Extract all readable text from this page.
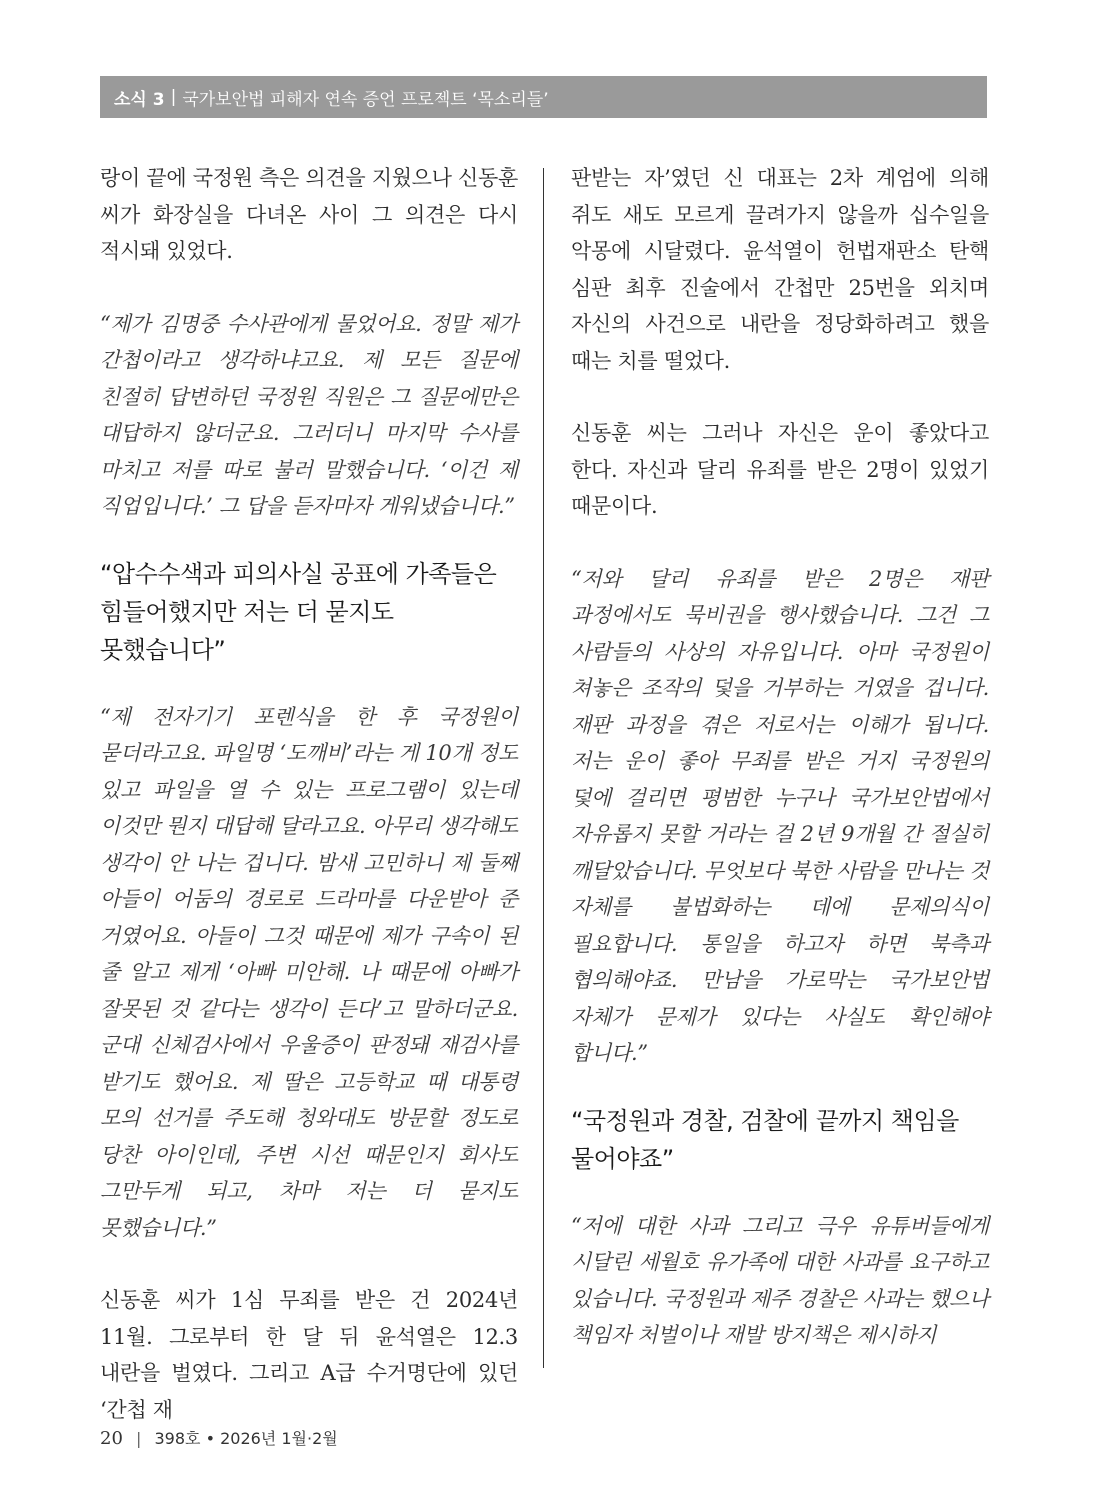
소식 3 | 국가보안법 피해자 연속 증언 프로젝트 ‘목소리들’

랑이 끝에 국정원 측은 의견을 지웠으나 신동훈 씨가 화장실을 다녀온 사이 그 의견은 다시 적시돼 있었다.

“제가 김명중 수사관에게 물었어요. 정말 제가 간첩이라고 생각하냐고요. 제 모든 질문에 친절히 답변하던 국정원 직원은 그 질문에만은 대답하지 않더군요. 그러더니 마지막 수사를 마치고 저를 따로 불러 말했습니다. ‘이건 제 직업입니다.’ 그 답을 듣자마자 게워냈습니다.”

“압수수색과 피의사실 공표에 가족들은 힘들어했지만 저는 더 묻지도 못했습니다”

“제 전자기기 포렌식을 한 후 국정원이 묻더라고요. 파일명 ‘도깨비’라는 게 10개 정도 있고 파일을 열 수 있는 프로그램이 있는데 이것만 뭔지 대답해 달라고요. 아무리 생각해도 생각이 안 나는 겁니다. 밤새 고민하니 제 둘째 아들이 어둠의 경로로 드라마를 다운받아 준 거였어요. 아들이 그것 때문에 제가 구속이 된 줄 알고 제게 ‘아빠 미안해. 나 때문에 아빠가 잘못된 것 같다는 생각이 든다’고 말하더군요. 군대 신체검사에서 우울증이 판정돼 재검사를 받기도 했어요. 제 딸은 고등학교 때 대통령 모의 선거를 주도해 청와대도 방문할 정도로 당찬 아이인데, 주변 시선 때문인지 회사도 그만두게 되고, 차마 저는 더 묻지도 못했습니다.”

신동훈 씨가 1심 무죄를 받은 건 2024년 11월. 그로부터 한 달 뒤 윤석열은 12.3 내란을 벌였다. 그리고 A급 수거명단에 있던 ‘간첩 재

판받는 자’였던 신 대표는 2차 계엄에 의해 쥐도 새도 모르게 끌려가지 않을까 십수일을 악몽에 시달렸다. 윤석열이 헌법재판소 탄핵 심판 최후 진술에서 간첩만 25번을 외치며 자신의 사건으로 내란을 정당화하려고 했을 때는 치를 떨었다.

신동훈 씨는 그러나 자신은 운이 좋았다고 한다. 자신과 달리 유죄를 받은 2명이 있었기 때문이다.

“저와 달리 유죄를 받은 2명은 재판 과정에서도 묵비권을 행사했습니다. 그건 그 사람들의 사상의 자유입니다. 아마 국정원이 쳐놓은 조작의 덫을 거부하는 거였을 겁니다. 재판 과정을 겪은 저로서는 이해가 됩니다. 저는 운이 좋아 무죄를 받은 거지 국정원의 덫에 걸리면 평범한 누구나 국가보안법에서 자유롭지 못할 거라는 걸 2년 9개월 간 절실히 깨달았습니다. 무엇보다 북한 사람을 만나는 것 자체를 불법화하는 데에 문제의식이 필요합니다. 통일을 하고자 하면 북측과 협의해야죠. 만남을 가로막는 국가보안법 자체가 문제가 있다는 사실도 확인해야 합니다.”

“국정원과 경찰, 검찰에 끝까지 책임을 물어야죠”

“저에 대한 사과 그리고 극우 유튜버들에게 시달린 세월호 유가족에 대한 사과를 요구하고 있습니다. 국정원과 제주 경찰은 사과는 했으나 책임자 처벌이나 재발 방지책은 제시하지

20 | 398호 • 2026년 1월·2월
